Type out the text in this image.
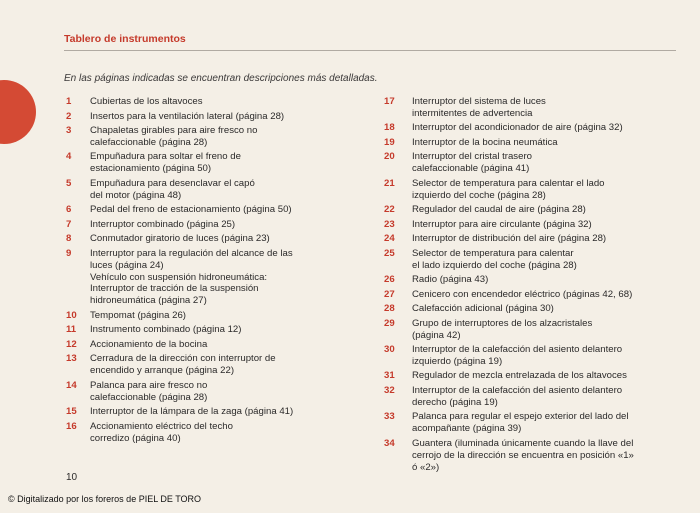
Tablero de instrumentos
En las páginas indicadas se encuentran descripciones más detalladas.
1	Cubiertas de los altavoces
2	Insertos para la ventilación lateral (página 28)
3	Chapaletas girables para aire fresco no
calefaccionable (página 28)
4	Empuñadura para soltar el freno de
estacionamiento (página 50)
5	Empuñadura para desenclavar el capó
del motor (página 48)
6	Pedal del freno de estacionamiento (página 50)
7	Interruptor combinado (página 25)
8	Conmutador giratorio de luces (página 23)
9	Interruptor para la regulación del alcance de las
luces (página 24)
Vehículo con suspensión hidroneumática:
Interruptor de tracción de la suspensión
hidroneumática (página 27)
10	Tempomat (página 26)
11	Instrumento combinado (página 12)
12	Accionamiento de la bocina
13	Cerradura de la dirección con interruptor de
encendido y arranque (página 22)
14	Palanca para aire fresco no
calefaccionable (página 28)
15	Interruptor de la lámpara de la zaga (página 41)
16	Accionamiento eléctrico del techo
corredizo (página 40)
17	Interruptor del sistema de luces
intermitentes de advertencia
18	Interruptor del acondicionador de aire (página 32)
19	Interruptor de la bocina neumática
20	Interruptor del cristal trasero
calefaccionable (página 41)
21	Selector de temperatura para calentar el lado
izquierdo del coche (página 28)
22	Regulador del caudal de aire (página 28)
23	Interruptor para aire circulante (página 32)
24	Interruptor de distribución del aire (página 28)
25	Selector de temperatura para calentar
el lado izquierdo del coche (página 28)
26	Radio (página 43)
27	Cenicero con encendedor eléctrico (páginas 42, 68)
28	Calefacción adicional (página 30)
29	Grupo de interruptores de los alzacristales
(página 42)
30	Interruptor de la calefacción del asiento delantero
izquierdo (página 19)
31	Regulador de mezcla entrelazada de los altavoces
32	Interruptor de la calefacción del asiento delantero
derecho (página 19)
33	Palanca para regular el espejo exterior del lado del
acompañante (página 39)
34	Guantera (iluminada únicamente cuando la llave del
cerrojo de la dirección se encuentra en posición «1»
ó «2»)
10
© Digitalizado por los foreros de PIEL DE TORO
